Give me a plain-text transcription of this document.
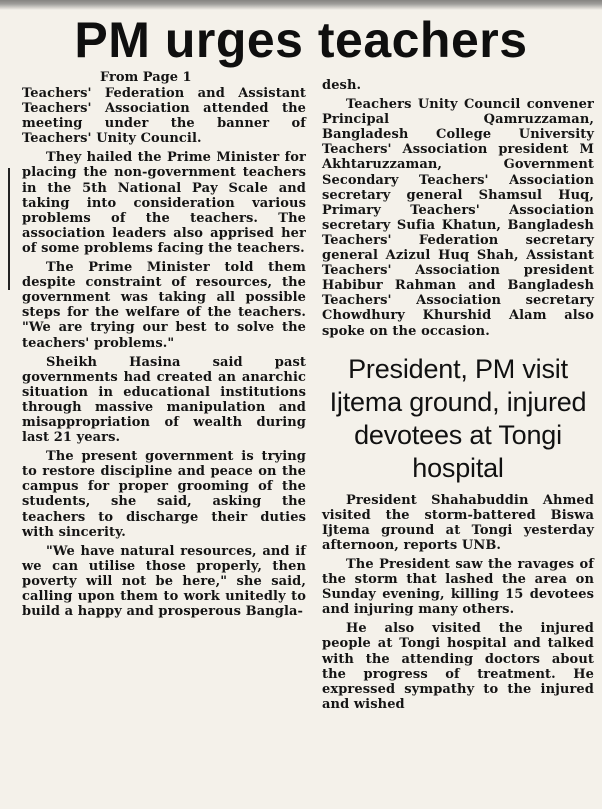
PM urges teachers
From Page 1

Teachers' Federation and Assistant Teachers' Association attended the meeting under the banner of Teachers' Unity Council.

They hailed the Prime Minister for placing the non-government teachers in the 5th National Pay Scale and taking into consideration various problems of the teachers. The association leaders also apprised her of some problems facing the teachers.

The Prime Minister told them despite constraint of resources, the government was taking all possible steps for the welfare of the teachers. "We are trying our best to solve the teachers' problems."

Sheikh Hasina said past governments had created an anarchic situation in educational institutions through massive manipulation and misappropriation of wealth during last 21 years.

The present government is trying to restore discipline and peace on the campus for proper grooming of the students, she said, asking the teachers to discharge their duties with sincerity.

"We have natural resources, and if we can utilise those properly, then poverty will not be here," she said, calling upon them to work unitedly to build a happy and prosperous Bangla-

desh.

Teachers Unity Council convener Principal Qamruzzaman, Bangladesh College University Teachers' Association president M Akhtaruzzaman, Government Secondary Teachers' Association secretary general Shamsul Huq, Primary Teachers' Association secretary Sufia Khatun, Bangladesh Teachers' Federation secretary general Azizul Huq Shah, Assistant Teachers' Association president Habibur Rahman and Bangladesh Teachers' Association secretary Chowdhury Khurshid Alam also spoke on the occasion.

President, PM visit Ijtema ground, injured devotees at Tongi hospital

President Shahabuddin Ahmed visited the storm-battered Biswa Ijtema ground at Tongi yesterday afternoon, reports UNB.

The President saw the ravages of the storm that lashed the area on Sunday evening, killing 15 devotees and injuring many others.

He also visited the injured people at Tongi hospital and talked with the attending doctors about the progress of treatment. He expressed sympathy to the injured and wished
